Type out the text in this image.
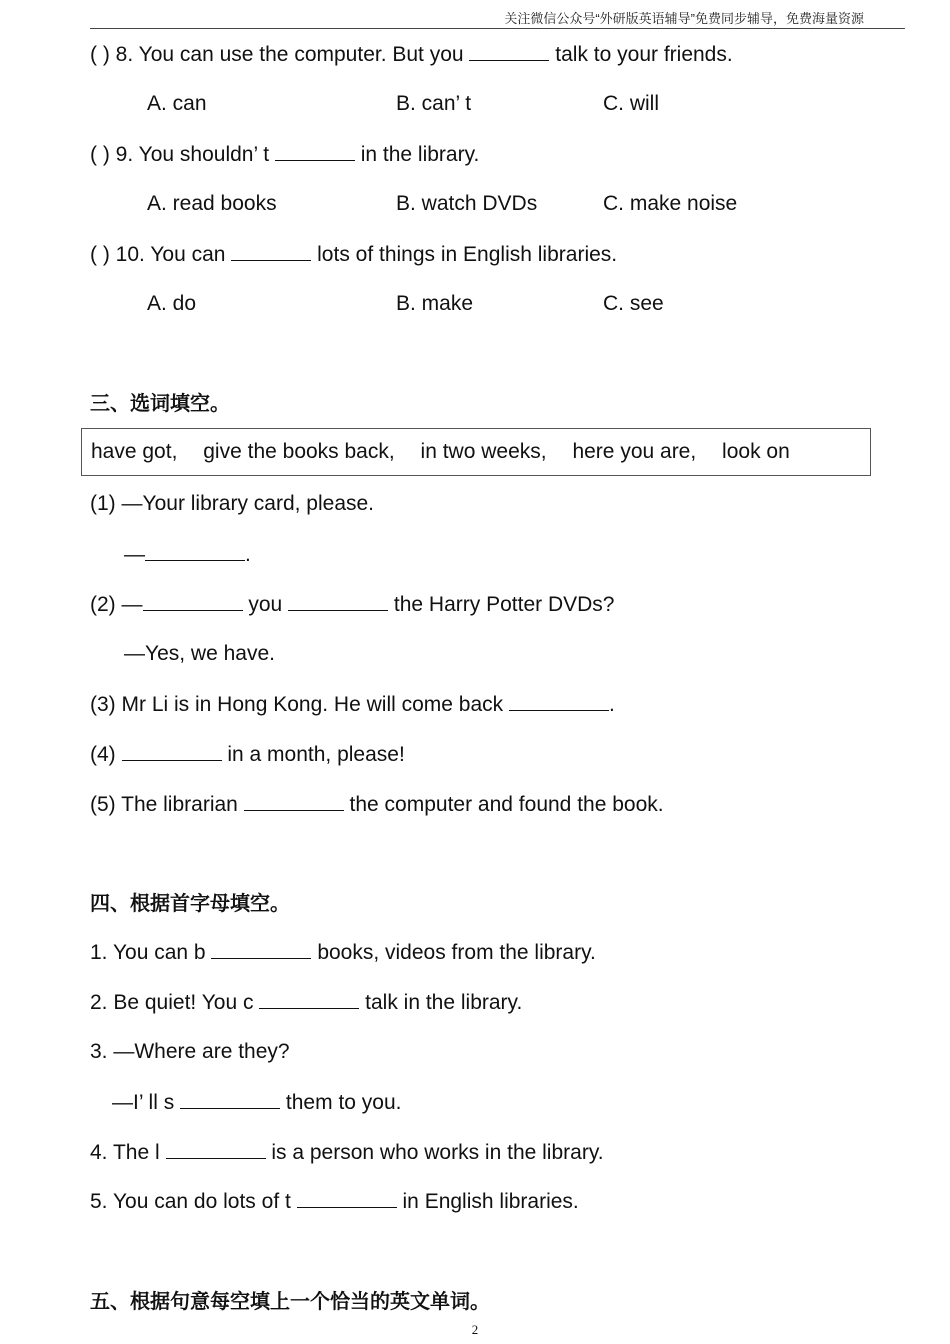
关注微信公众号“外研版英语辅导”免费同步辅导，免费海量资源
( ) 8. You can use the computer. But you	talk to your friends.
A. can	B. can’ t	C. will
( ) 9. You shouldn’ t	in the library.
A. read books	B. watch DVDs	C. make noise
( ) 10. You can	lots of things in English libraries.
A. do	B. make	C. see
三、选词填空。
have got, give the books back, in two weeks, here you are, look on
(1) —Your library card, please.
—	.
(2) —	you	the Harry Potter DVDs?
—Yes, we have.
(3) Mr Li is in Hong Kong. He will come back	.
(4)	in a month, please!
(5) The librarian	the computer and found the book.
四、根据首字母填空。
1. You can b	books, videos from the library.
2. Be quiet! You c	talk in the library.
3. —Where are they?
—I’ ll s	them to you.
4. The l	is a person who works in the library.
5. You can do lots of t	in English libraries.
五、根据句意每空填上一个恰当的英文单词。
2
